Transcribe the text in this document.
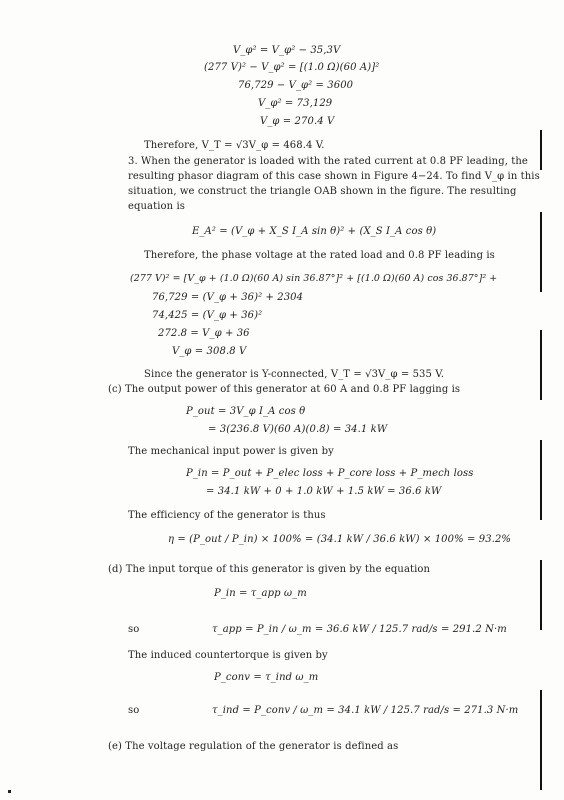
V_φ² = V_φ² − 35,3V
(277 V)² − V_φ² = [(1.0 Ω)(60 A)]²
76,729 − V_φ² = 3600
V_φ² = 73,129
V_φ = 270.4 V
Therefore, V_T = √3V_φ = 468.4 V.
3. When the generator is loaded with the rated current at 0.8 PF leading, the
resulting phasor diagram of this case shown in Figure 4−24. To find V_φ in this
situation, we construct the triangle OAB shown in the figure. The resulting
equation is
E_A² = (V_φ + X_S I_A sin θ)² + (X_S I_A cos θ)
Therefore, the phase voltage at the rated load and 0.8 PF leading is
(277 V)² = [V_φ + (1.0 Ω)(60 A) sin 36.87°]² + [(1.0 Ω)(60 A) cos 36.87°]² +
76,729 = (V_φ + 36)² + 2304
74,425 = (V_φ + 36)²
272.8 = V_φ + 36
V_φ = 308.8 V
Since the generator is Y-connected, V_T = √3V_φ = 535 V.
(c) The output power of this generator at 60 A and 0.8 PF lagging is
P_out = 3V_φ I_A cos θ
= 3(236.8 V)(60 A)(0.8) = 34.1 kW
The mechanical input power is given by
P_in = P_out + P_elec loss + P_core loss + P_mech loss
= 34.1 kW + 0 + 1.0 kW + 1.5 kW = 36.6 kW
The efficiency of the generator is thus
η = (P_out / P_in) × 100% = (34.1 kW / 36.6 kW) × 100% = 93.2%
(d) The input torque of this generator is given by the equation
P_in = τ_app ω_m
so	τ_app = P_in / ω_m = 36.6 kW / 125.7 rad/s = 291.2 N·m
The induced countertorque is given by
P_conv = τ_ind ω_m
so	τ_ind = P_conv / ω_m = 34.1 kW / 125.7 rad/s = 271.3 N·m
(e) The voltage regulation of the generator is defined as
